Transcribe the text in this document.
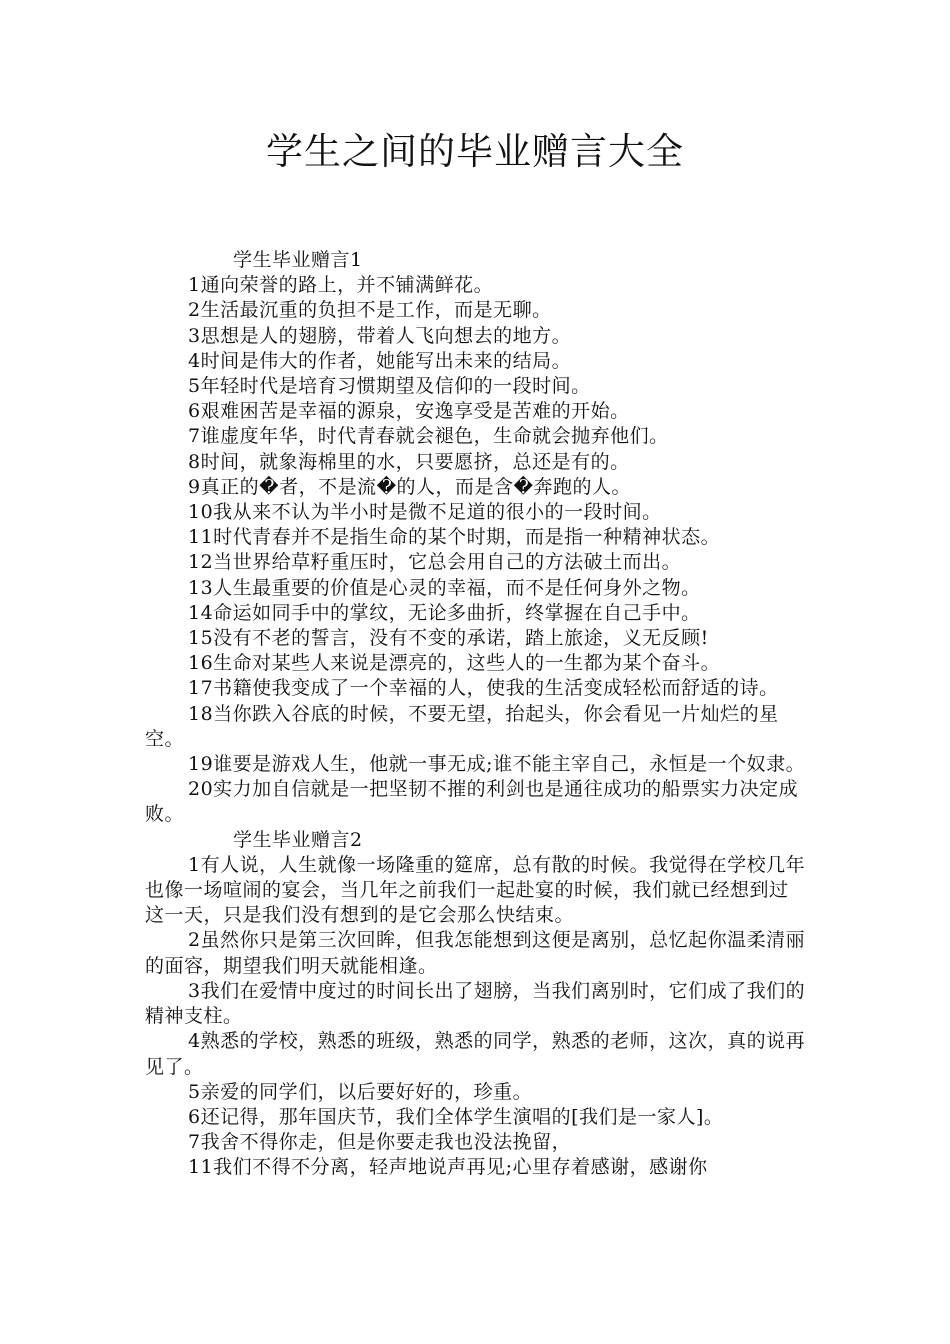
学生之间的毕业赠言大全

学生毕业赠言1

1通向荣誉的路上，并不铺满鲜花。

2生活最沉重的负担不是工作，而是无聊。

3思想是人的翅膀，带着人飞向想去的地方。

4时间是伟大的作者，她能写出未来的结局。

5年轻时代是培育习惯期望及信仰的一段时间。

6艰难困苦是幸福的源泉，安逸享受是苦难的开始。

7谁虚度年华，时代青春就会褪色，生命就会抛弃他们。

8时间，就象海棉里的水，只要愿挤，总还是有的。

9真正的�者，不是流�的人，而是含�奔跑的人。

10我从来不认为半小时是微不足道的很小的一段时间。

11时代青春并不是指生命的某个时期，而是指一种精神状态。

12当世界给草籽重压时，它总会用自己的方法破土而出。

13人生最重要的价值是心灵的幸福，而不是任何身外之物。

14命运如同手中的掌纹，无论多曲折，终掌握在自己手中。

15没有不老的誓言，没有不变的承诺，踏上旅途，义无反顾!

16生命对某些人来说是漂亮的，这些人的一生都为某个奋斗。

17书籍使我变成了一个幸福的人，使我的生活变成轻松而舒适的诗。

18当你跌入谷底的时候，不要无望，抬起头，你会看见一片灿烂的星空。

19谁要是游戏人生，他就一事无成;谁不能主宰自己，永恒是一个奴隶。

20实力加自信就是一把坚韧不摧的利剑也是通往成功的船票实力决定成败。

学生毕业赠言2

1有人说，人生就像一场隆重的筵席，总有散的时候。我觉得在学校几年也像一场喧闹的宴会，当几年之前我们一起赴宴的时候，我们就已经想到过这一天，只是我们没有想到的是它会那么快结束。

2虽然你只是第三次回眸，但我怎能想到这便是离别，总忆起你温柔清丽的面容，期望我们明天就能相逢。

3我们在爱情中度过的时间长出了翅膀，当我们离别时，它们成了我们的精神支柱。

4熟悉的学校，熟悉的班级，熟悉的同学，熟悉的老师，这次，真的说再见了。

5亲爱的同学们，以后要好好的，珍重。

6还记得，那年国庆节，我们全体学生演唱的[我们是一家人]。

7我舍不得你走，但是你要走我也没法挽留，

11我们不得不分离，轻声地说声再见;心里存着感谢，感谢你
